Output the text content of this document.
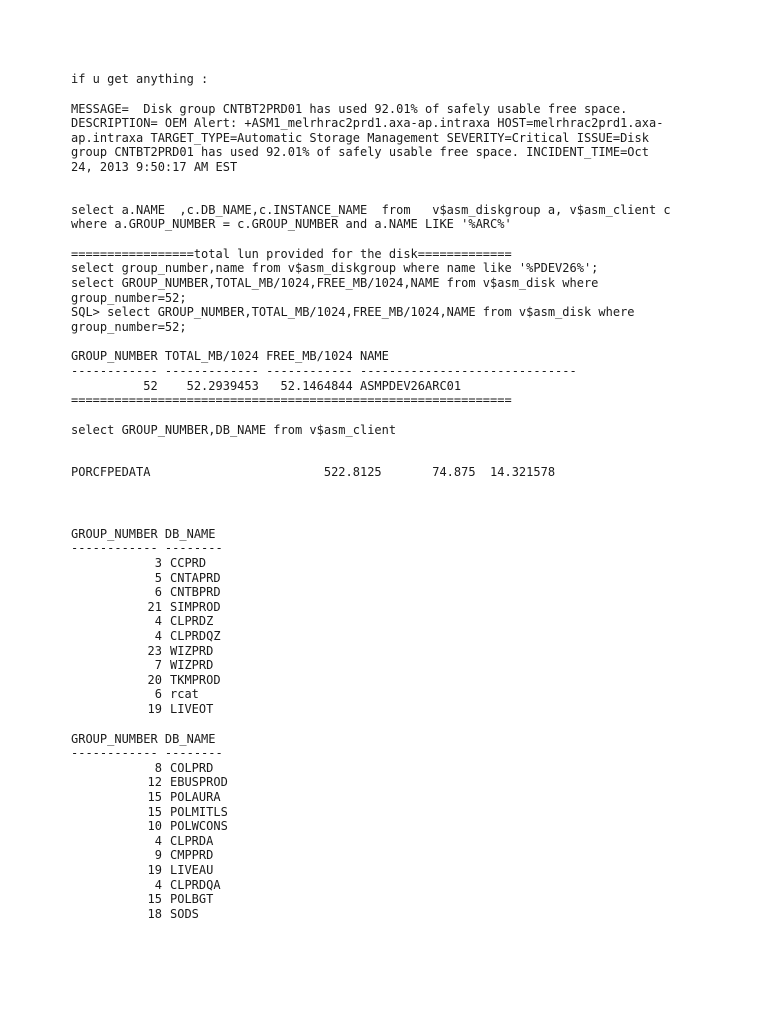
if u get anything :
MESSAGE=  Disk group CNTBT2PRD01 has used 92.01% of safely usable free space.
DESCRIPTION= OEM Alert: +ASM1_melrhrac2prd1.axa-ap.intraxa HOST=melrhrac2prd1.axa-
ap.intraxa TARGET_TYPE=Automatic Storage Management SEVERITY=Critical ISSUE=Disk
group CNTBT2PRD01 has used 92.01% of safely usable free space. INCIDENT_TIME=Oct
24, 2013 9:50:17 AM EST
select a.NAME  ,c.DB_NAME,c.INSTANCE_NAME  from   v$asm_diskgroup a, v$asm_client c
where a.GROUP_NUMBER = c.GROUP_NUMBER and a.NAME LIKE '%ARC%'
=================total lun provided for the disk=============
select group_number,name from v$asm_diskgroup where name like '%PDEV26%';
select GROUP_NUMBER,TOTAL_MB/1024,FREE_MB/1024,NAME from v$asm_disk where
group_number=52;
SQL> select GROUP_NUMBER,TOTAL_MB/1024,FREE_MB/1024,NAME from v$asm_disk where
group_number=52;
GROUP_NUMBER TOTAL_MB/1024 FREE_MB/1024 NAME
------------ ------------- ------------ ------------------------------
52    52.2939453   52.1464844 ASMPDEV26ARC01
=============================================================
select GROUP_NUMBER,DB_NAME from v$asm_client
PORCFPEDATA                        522.8125       74.875  14.321578
GROUP_NUMBER DB_NAME
------------ --------
3		CCPRD
5		CNTAPRD
6		CNTBPRD
21		SIMPROD
4		CLPRDZ
4		CLPRDQZ
23		WIZPRD
7		WIZPRD
20		TKMPROD
6		rcat
19		LIVEOT
GROUP_NUMBER DB_NAME
------------ --------
8		COLPRD
12		EBUSPROD
15		POLAURA
15		POLMITLS
10		POLWCONS
4		CLPRDA
9		CMPPRD
19		LIVEAU
4		CLPRDQA
15		POLBGT
18		SODS
